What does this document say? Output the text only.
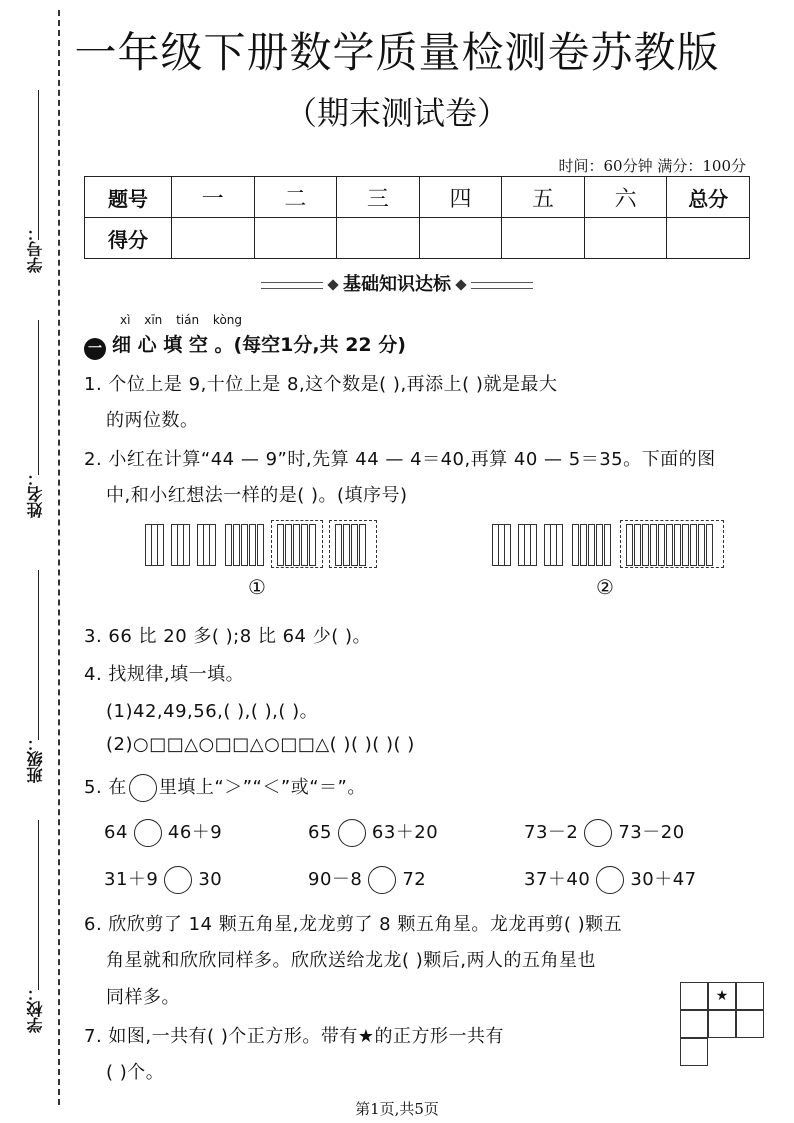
学号：
姓名：
班级：
学校：
一年级下册数学质量检测卷苏教版
（期末测试卷）
时间：60分钟 满分：100分
题号	一	二	三	四	五	六	总分
得分							
基础知识达标
xì xīn tián kòng
一 细 心 填 空 。(每空1分,共 22 分)
1. 个位上是 9,十位上是 8,这个数是( ),再添上( )就是最大
的两位数。
2. 小红在计算“44 — 9”时,先算 44 — 4＝40,再算 40 — 5＝35。下面的图
中,和小红想法一样的是( )。(填序号)
①	②
3. 66 比 20 多( );8 比 64 少( )。
4. 找规律,填一填。
(1)42,49,56,( ),( ),( )。
(2)○□□△○□□△○□□△( )( )( )( )
5. 在 里填上“＞”“＜”或“＝”。
64 46＋9	65 63＋20	73－2 73－20
31＋9 30	90－8 72	37＋40 30＋47
6. 欣欣剪了 14 颗五角星,龙龙剪了 8 颗五角星。龙龙再剪( )颗五
角星就和欣欣同样多。欣欣送给龙龙( )颗后,两人的五角星也
同样多。
7. 如图,一共有( )个正方形。带有★的正方形一共有
( )个。
★
第1页,共5页
